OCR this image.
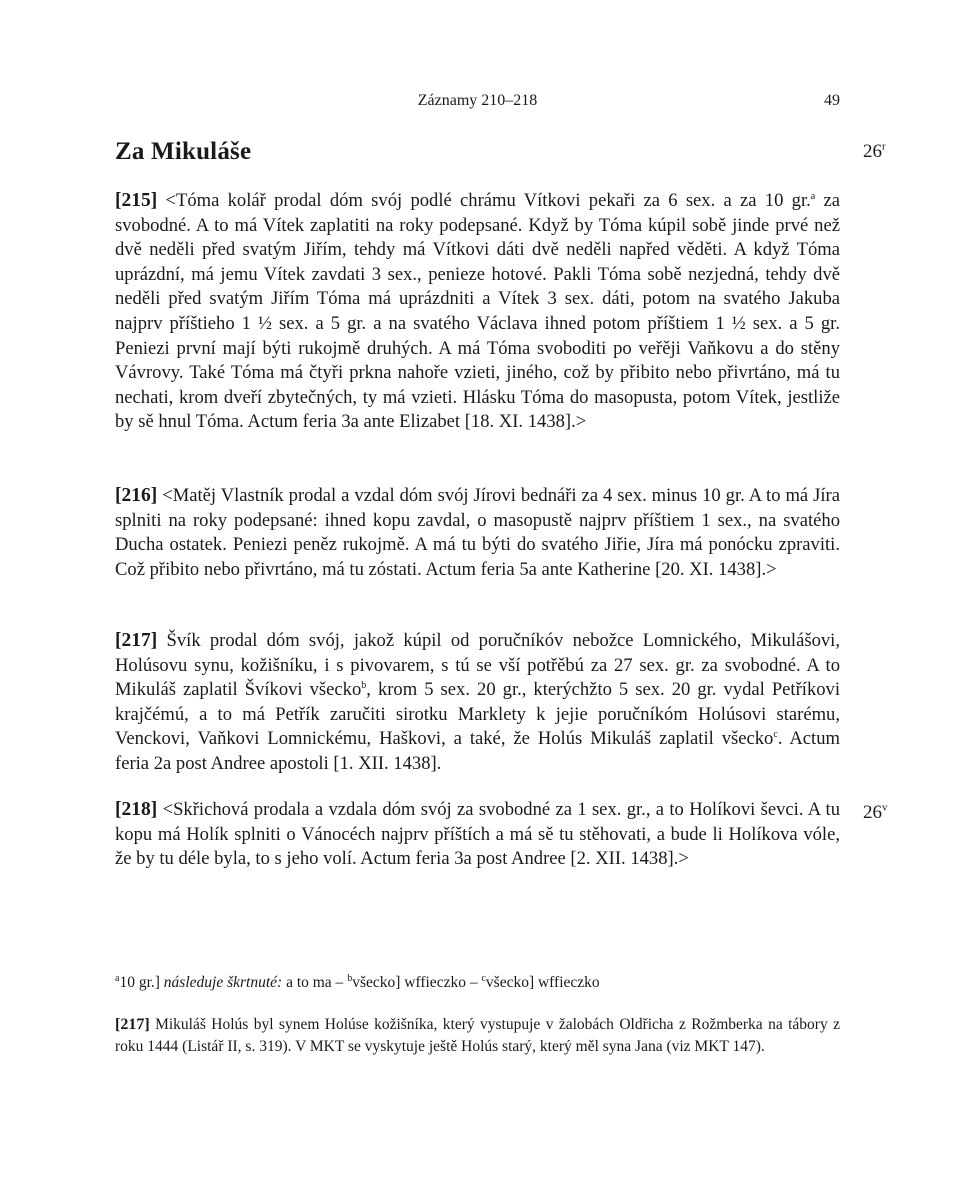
Záznamy 210–218	49
Za Mikuláše	26$^r$
[215] <Tóma kolář prodal dóm svój podlé chrámu Vítkovi pekaři za 6 sex. a za 10 gr.$^a$ za svobodné. A to má Vítek zaplatiti na roky podepsané. Když by Tóma kúpil sobě jinde prvé než dvě neděli před svatým Jiřím, tehdy má Vítkovi dáti dvě neděli napřed věděti. A když Tóma uprázdní, má jemu Vítek zavdati 3 sex., penieze hotové. Pakli Tóma sobě nezjedná, tehdy dvě neděli před svatým Jiřím Tóma má uprázdniti a Vítek 3 sex. dáti, potom na svatého Jakuba najprv příštieho 1 ½ sex. a 5 gr. a na svatého Václava ihned potom příštiem 1 ½ sex. a 5 gr. Peniezi první mají býti rukojmě druhých. A má Tóma svoboditi po veřěji Vaňkovu a do stěny Vávrovy. Také Tóma má čtyři prkna nahoře vzieti, jiného, což by přibito nebo přivrtáno, má tu nechati, krom dveří zbytečných, ty má vzieti. Hlásku Tóma do masopusta, potom Vítek, jestliže by sě hnul Tóma. Actum feria 3a ante Elizabet [18. XI. 1438].>
[216] <Matěj Vlastník prodal a vzdal dóm svój Jírovi bednáři za 4 sex. minus 10 gr. A to má Jíra splniti na roky podepsané: ihned kopu zavdal, o masopustě najprv příštiem 1 sex., na svatého Ducha ostatek. Peniezi peněz rukojmě. A má tu býti do svatého Jiřie, Jíra má ponócku zpraviti. Což přibito nebo přivrtáno, má tu zóstati. Actum feria 5a ante Katherine [20. XI. 1438].>
[217] Švík prodal dóm svój, jakož kúpil od poručníkóv nebožce Lomnického, Mikulášovi, Holúsovu synu, kožišníku, i s pivovarem, s tú se vší potřěbú za 27 sex. gr. za svobodné. A to Mikuláš zaplatil Švíkovi všecko$^b$, krom 5 sex. 20 gr., kterýchžto 5 sex. 20 gr. vydal Petříkovi krajčémú, a to má Petřík zaručiti sirotku Marklety k jejie poručníkóm Holúsovi starému, Venckovi, Vaňkovi Lomnickému, Haškovi, a také, že Holús Mikuláš zaplatil všecko$^c$. Actum feria 2a post Andree apostoli [1. XII. 1438].
26$^v$
[218] <Skřichová prodala a vzdala dóm svój za svobodné za 1 sex. gr., a to Holíkovi ševci. A tu kopu má Holík splniti o Vánocéch najprv příštích a má sě tu stěhovati, a bude li Holíkova vóle, že by tu déle byla, to s jeho volí. Actum feria 3a post Andree [2. XII. 1438].>

$^a$10 gr.] následuje škrtnuté: a to ma – $^b$všecko] wffieczko – $^c$všecko] wffieczko

[217] Mikuláš Holús byl synem Holúse kožišníka, který vystupuje v žalobách Oldřicha z Rožmberka na tábory z roku 1444 (Listář II, s. 319). V MKT se vyskytuje ještě Holús starý, který měl syna Jana (viz MKT 147).
